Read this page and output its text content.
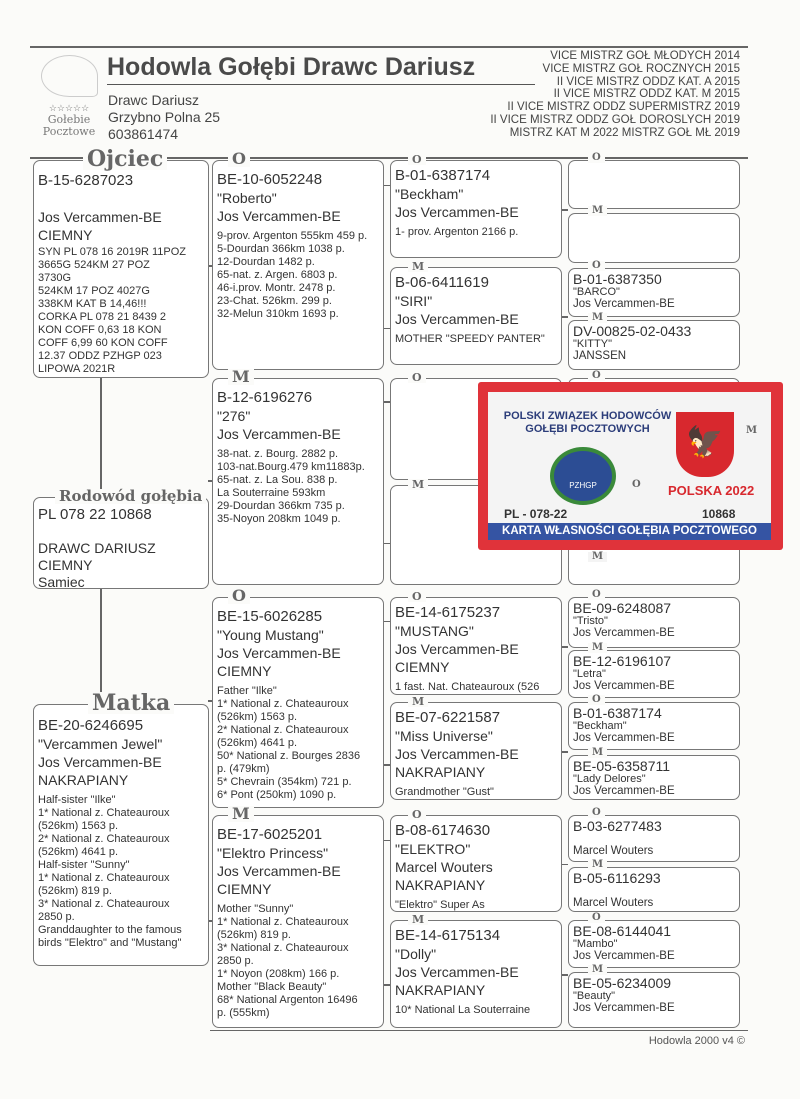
☆☆☆☆☆
Gołebie
Pocztowe
Hodowla Gołębi Drawc Dariusz
Drawc Dariusz
Grzybno Polna 25
603861474
VICE MISTRZ GOŁ MŁODYCH 2014
VICE MISTRZ GOŁ ROCZNYCH 2015
II VICE MISTRZ ODDZ KAT. A 2015
II VICE MISTRZ ODDZ KAT. M 2015
II VICE MISTRZ ODDZ SUPERMISTRZ 2019
II VICE MISTRZ ODDZ GOŁ DOROSLYCH 2019
MISTRZ KAT M 2022 MISTRZ GOŁ MŁ 2019
B-15-6287023

Jos Vercammen-BE
CIEMNY
SYN PL 078 16 2019R 11POZ
3665G 524KM 27 POZ
3730G
524KM 17 POZ 4027G
338KM KAT B 14,46!!!
CORKA PL 078 21 8439 2
KON COFF 0,63 18 KON
COFF 6,99 60 KON COFF
12.37 ODDZ PZHGP 023
LIPOWA 2021R
Ojciec
PL 078 22 10868

DRAWC DARIUSZ
CIEMNY
Samiec
Rodowód gołębia
BE-20-6246695
"Vercammen Jewel"
Jos Vercammen-BE
NAKRAPIANY
Half-sister "Ilke"
1* National z. Chateauroux
(526km) 1563 p.
2* National z. Chateauroux
(526km) 4641 p.
Half-sister "Sunny"
1* National z. Chateauroux
(526km) 819 p.
3* National z. Chateauroux
2850 p.
Granddaughter to the famous
birds "Elektro" and "Mustang"
Matka
BE-10-6052248
"Roberto"
Jos Vercammen-BE
9-prov. Argenton 555km 459 p.
5-Dourdan 366km 1038 p.
12-Dourdan 1482 p.
65-nat. z. Argen. 6803 p.
46-i.prov. Montr. 2478 p.
23-Chat. 526km. 299 p.
32-Melun 310km 1693 p.
O
B-12-6196276
"276"
Jos Vercammen-BE
38-nat. z. Bourg. 2882 p.
103-nat.Bourg.479 km11883p.
65-nat. z. La Sou. 838 p.
La Souterraine 593km
29-Dourdan 366km 735 p.
35-Noyon 208km 1049 p.
M
BE-15-6026285
"Young Mustang"
Jos Vercammen-BE
CIEMNY
Father "Ilke"
1* National z. Chateauroux
(526km) 1563 p.
2* National z. Chateauroux
(526km) 4641 p.
50* National z. Bourges 2836
p. (479km)
5* Chevrain (354km) 721 p.
6* Pont (250km) 1090 p.
O
BE-17-6025201
"Elektro Princess"
Jos Vercammen-BE
CIEMNY
Mother "Sunny"
1* National z. Chateauroux
(526km) 819 p.
3* National z. Chateauroux
2850 p.
1* Noyon (208km) 166 p.
Mother "Black Beauty"
68* National Argenton 16496
p. (555km)
M
B-01-6387174
"Beckham"
Jos Vercammen-BE
1- prov. Argenton 2166 p.
O
B-06-6411619
"SIRI"
Jos Vercammen-BE
MOTHER "SPEEDY PANTER"
M
O
M
BE-14-6175237
"MUSTANG"
Jos Vercammen-BE
CIEMNY
1 fast. Nat. Chateauroux (526
O
BE-07-6221587
"Miss Universe"
Jos Vercammen-BE
NAKRAPIANY
Grandmother "Gust"
M
B-08-6174630
"ELEKTRO"
Marcel Wouters
NAKRAPIANY
"Elektro" Super As
O
BE-14-6175134
"Dolly"
Jos Vercammen-BE
NAKRAPIANY
10* National La Souterraine
M
O
M
B-01-6387350
"BARCO"
Jos Vercammen-BE
O
DV-00825-02-0433
"KITTY"
JANSSEN
M
O
M
O
M
BE-09-6248087
"Tristo"
Jos Vercammen-BE
O
BE-12-6196107
"Letra"
Jos Vercammen-BE
M
B-01-6387174
"Beckham"
Jos Vercammen-BE
O
BE-05-6358711
"Lady Delores"
Jos Vercammen-BE
M
B-03-6277483

Marcel Wouters
O
B-05-6116293

Marcel Wouters
M
BE-08-6144041
"Mambo"
Jos Vercammen-BE
O
BE-05-6234009
"Beauty"
Jos Vercammen-BE
M
POLSKI ZWIĄZEK HODOWCÓW GOŁĘBI POCZTOWYCH
PZHGP
🦅
POLSKA 2022
PL - 078-22	10868
KARTA WŁASNOŚCI GOŁĘBIA POCZTOWEGO
Hodowla 2000 v4 ©
